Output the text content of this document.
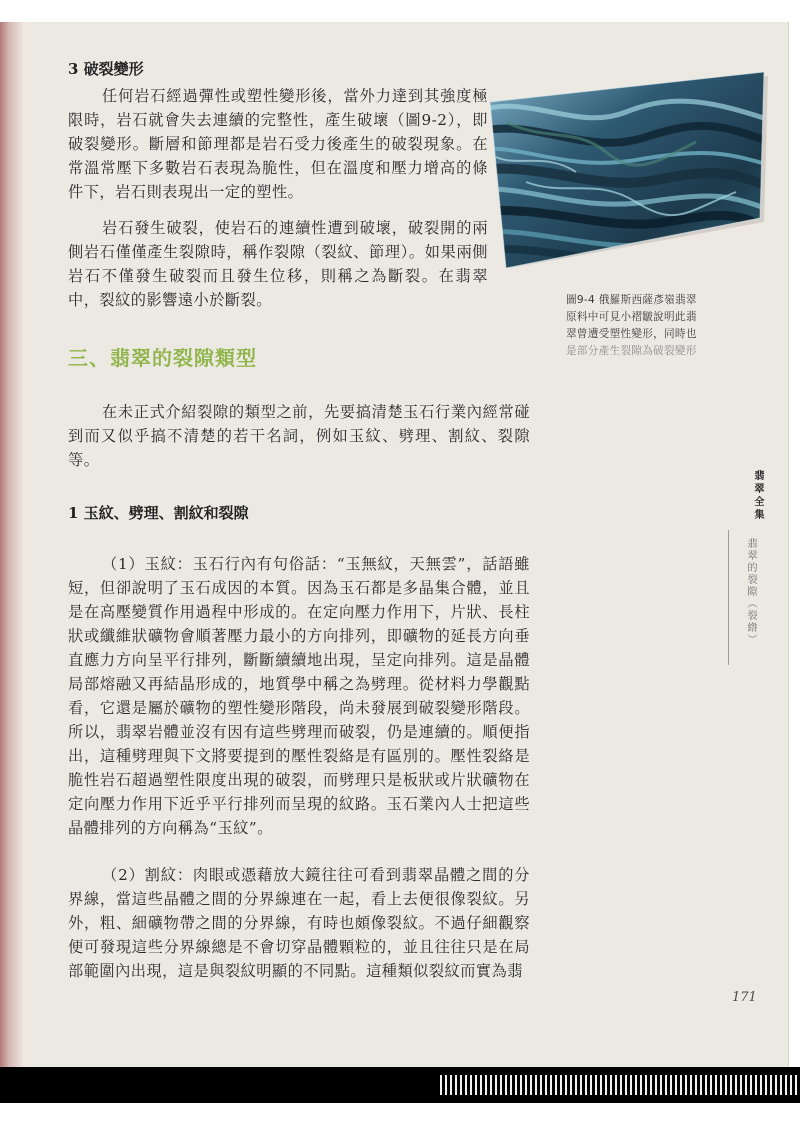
3 破裂變形

任何岩石經過彈性或塑性變形後，當外力達到其強度極限時，岩石就會失去連續的完整性，產生破壞（圖9-2），即破裂變形。斷層和節理都是岩石受力後產生的破裂現象。在常溫常壓下多數岩石表現為脆性，但在溫度和壓力增高的條件下，岩石則表現出一定的塑性。

岩石發生破裂，使岩石的連續性遭到破壞，破裂開的兩側岩石僅僅產生裂隙時，稱作裂隙（裂紋、節理）。如果兩側岩石不僅發生破裂而且發生位移，則稱之為斷裂。在翡翠中，裂紋的影響遠小於斷裂。	圖9-4 俄羅斯西薩彥嶺翡翠
原料中可見小褶皺說明此翡
翠曾遭受塑性變形，同時也
是部分產生裂隙為破裂變形
三、翡翠的裂隙類型

在未正式介紹裂隙的類型之前，先要搞清楚玉石行業內經常碰到而又似乎搞不清楚的若干名詞，例如玉紋、劈理、割紋、裂隙等。

1 玉紋、劈理、割紋和裂隙

（1）玉紋：玉石行內有句俗話：“玉無紋，天無雲”，話語雖短，但卻說明了玉石成因的本質。因為玉石都是多晶集合體，並且是在高壓變質作用過程中形成的。在定向壓力作用下，片狀、長柱狀或纖維狀礦物會順著壓力最小的方向排列，即礦物的延長方向垂直應力方向呈平行排列，斷斷續續地出現，呈定向排列。這是晶體局部熔融又再結晶形成的，地質學中稱之為劈理。從材料力學觀點看，它還是屬於礦物的塑性變形階段，尚未發展到破裂變形階段。所以，翡翠岩體並沒有因有這些劈理而破裂，仍是連續的。順便指出，這種劈理與下文將要提到的壓性裂絡是有區別的。壓性裂絡是脆性岩石超過塑性限度出現的破裂，而劈理只是板狀或片狀礦物在定向壓力作用下近乎平行排列而呈現的紋路。玉石業內人士把這些晶體排列的方向稱為“玉紋”。

（2）割紋：肉眼或憑藉放大鏡往往可看到翡翠晶體之間的分界線，當這些晶體之間的分界線連在一起，看上去便很像裂紋。另外，粗、細礦物帶之間的分界線，有時也頗像裂紋。不過仔細觀察便可發現這些分界線總是不會切穿晶體顆粒的，並且往往只是在局部範圍內出現，這是與裂紋明顯的不同點。這種類似裂紋而實為翡

翡翠全集
翡翠的裂隙（裂綹）

171
